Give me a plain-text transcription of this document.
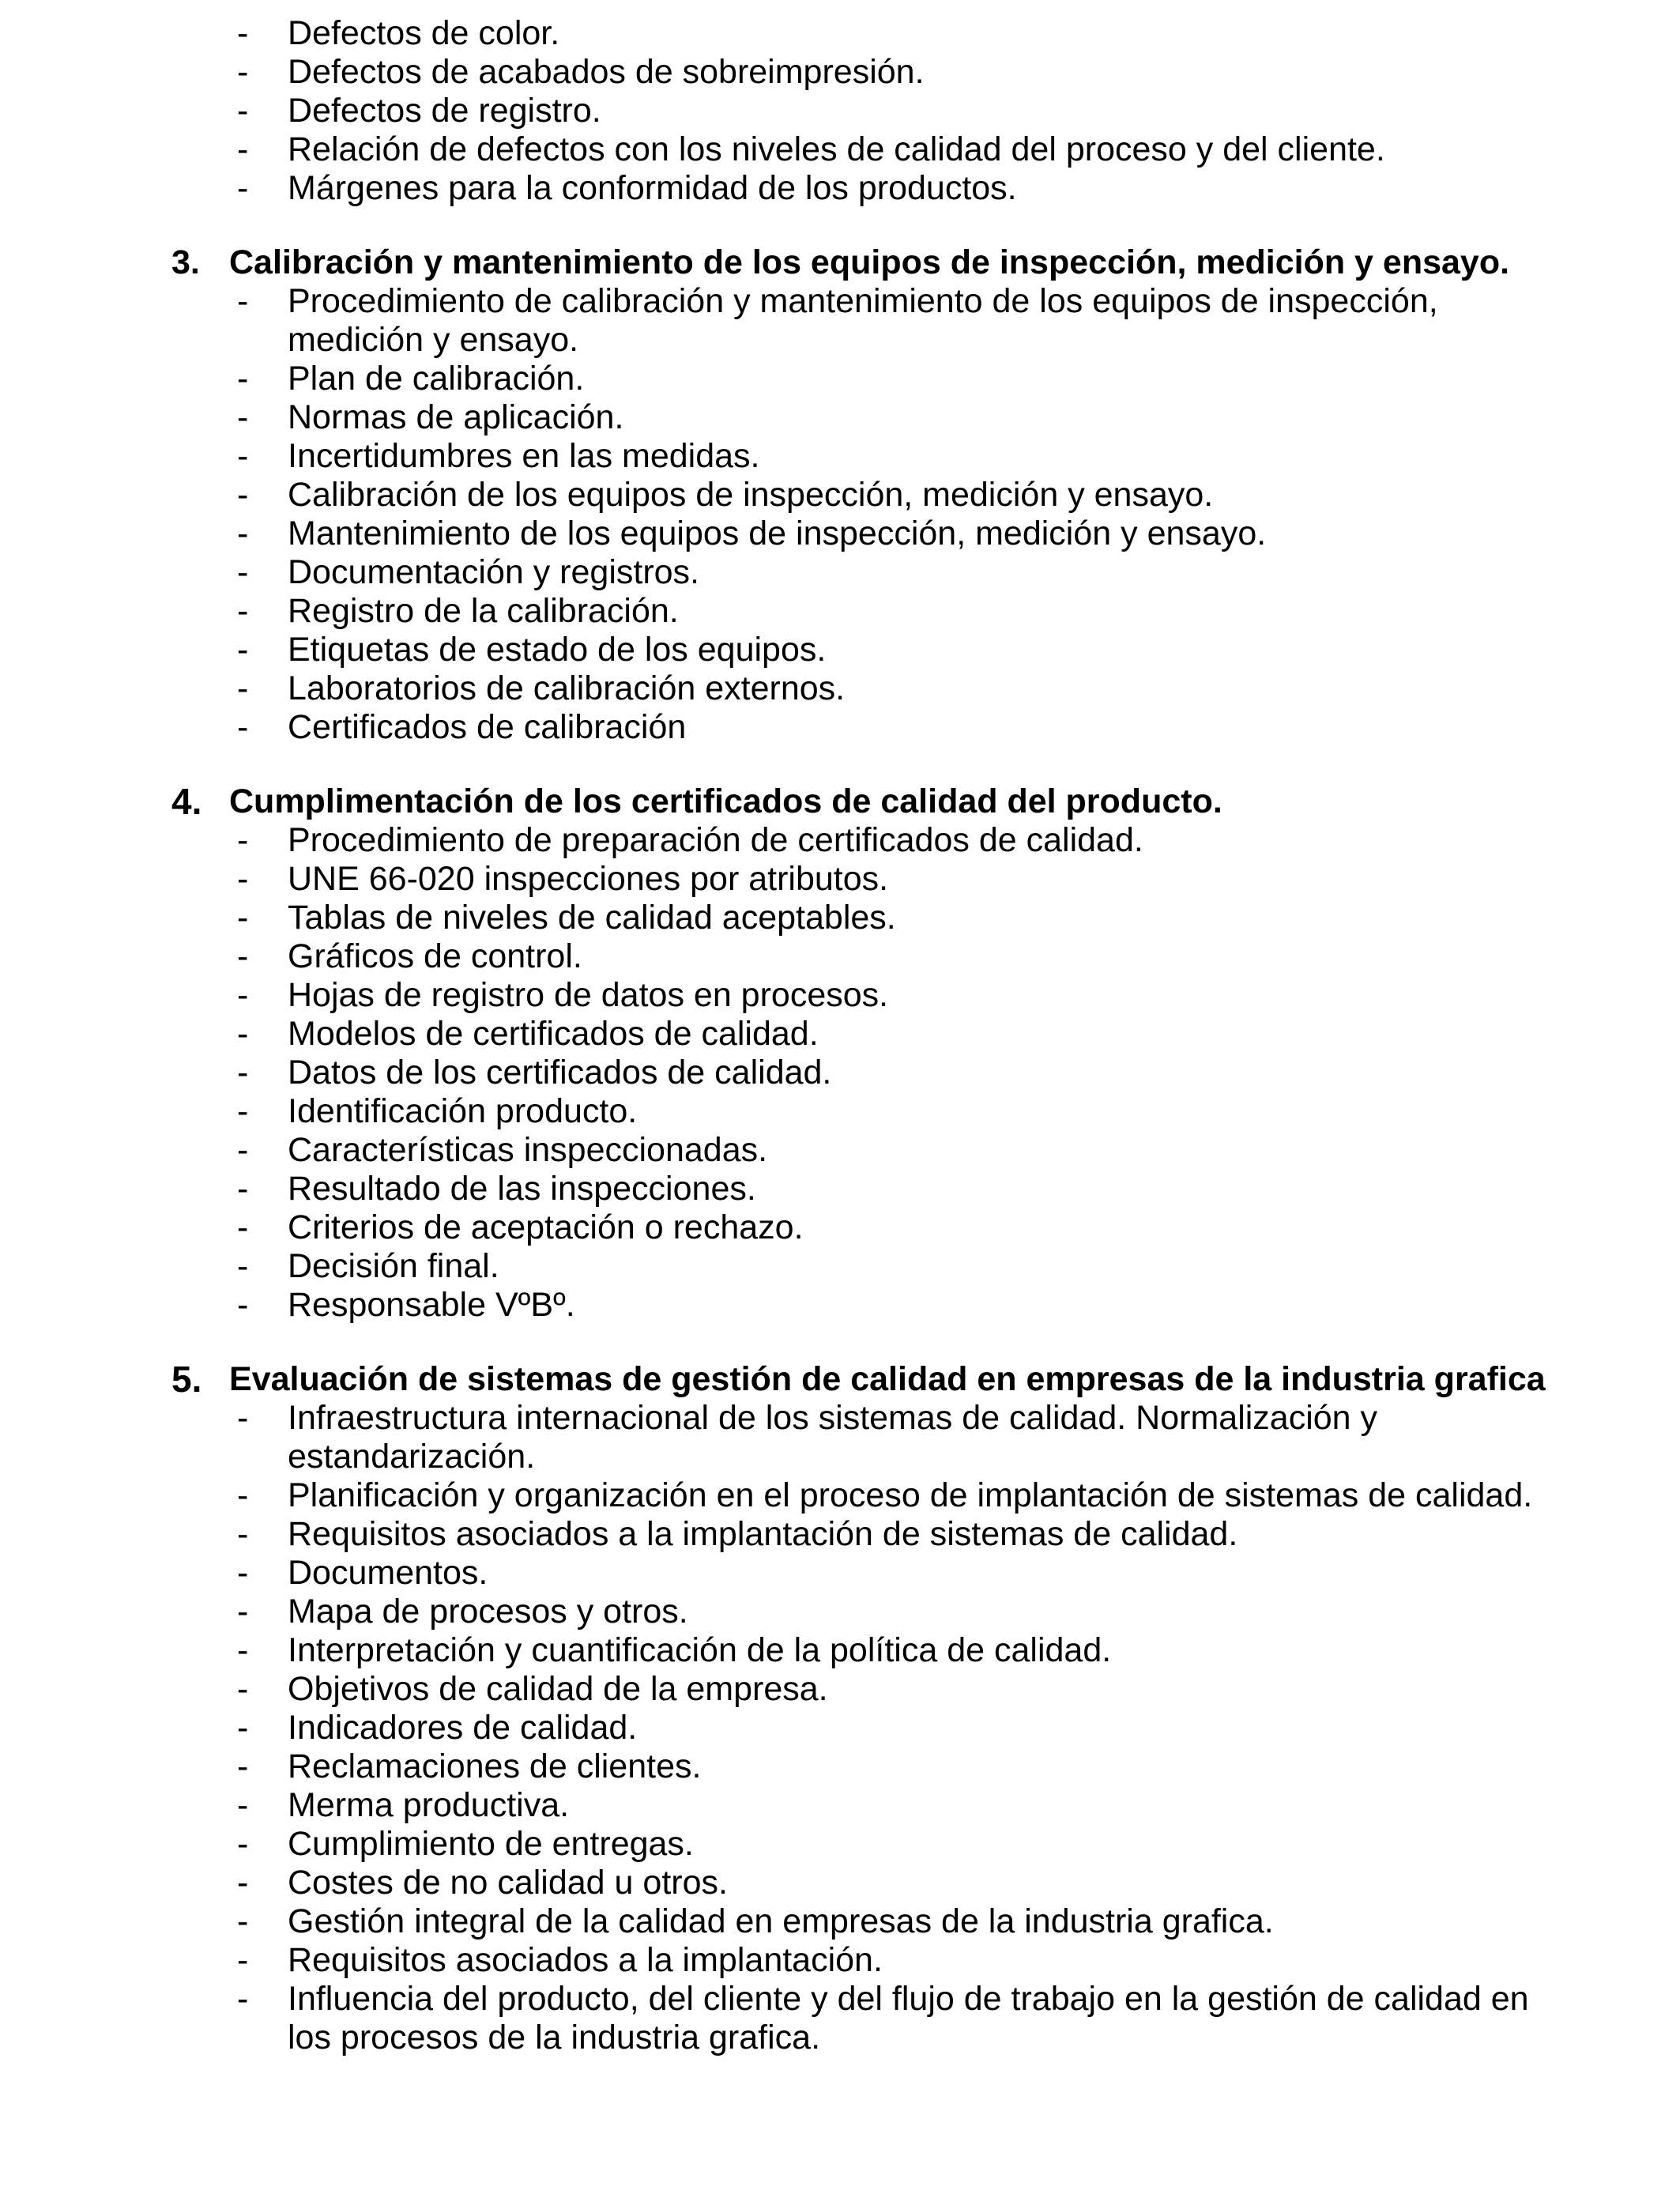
- Defectos de color.
- Defectos de acabados de sobreimpresión.
- Defectos de registro.
- Relación de defectos con los niveles de calidad del proceso y del cliente.
- Márgenes para la conformidad de los productos.
3. Calibración y mantenimiento de los equipos de inspección, medición y ensayo.
- Procedimiento de calibración y mantenimiento de los equipos de inspección, medición y ensayo.
- Plan de calibración.
- Normas de aplicación.
- Incertidumbres en las medidas.
- Calibración de los equipos de inspección, medición y ensayo.
- Mantenimiento de los equipos de inspección, medición y ensayo.
- Documentación y registros.
- Registro de la calibración.
- Etiquetas de estado de los equipos.
- Laboratorios de calibración externos.
- Certificados de calibración
4. Cumplimentación de los certificados de calidad del producto.
- Procedimiento de preparación de certificados de calidad.
- UNE 66-020 inspecciones por atributos.
- Tablas de niveles de calidad aceptables.
- Gráficos de control.
- Hojas de registro de datos en procesos.
- Modelos de certificados de calidad.
- Datos de los certificados de calidad.
- Identificación producto.
- Características inspeccionadas.
- Resultado de las inspecciones.
- Criterios de aceptación o rechazo.
- Decisión final.
- Responsable VºBº.
5. Evaluación de sistemas de gestión de calidad en empresas de la industria grafica
- Infraestructura internacional de los sistemas de calidad. Normalización y estandarización.
- Planificación y organización en el proceso de implantación de sistemas de calidad.
- Requisitos asociados a la implantación de sistemas de calidad.
- Documentos.
- Mapa de procesos y otros.
- Interpretación y cuantificación de la política de calidad.
- Objetivos de calidad de la empresa.
- Indicadores de calidad.
- Reclamaciones de clientes.
- Merma productiva.
- Cumplimiento de entregas.
- Costes de no calidad u otros.
- Gestión integral de la calidad en empresas de la industria grafica.
- Requisitos asociados a la implantación.
- Influencia del producto, del cliente y del flujo de trabajo en la gestión de calidad en los procesos de la industria grafica.
